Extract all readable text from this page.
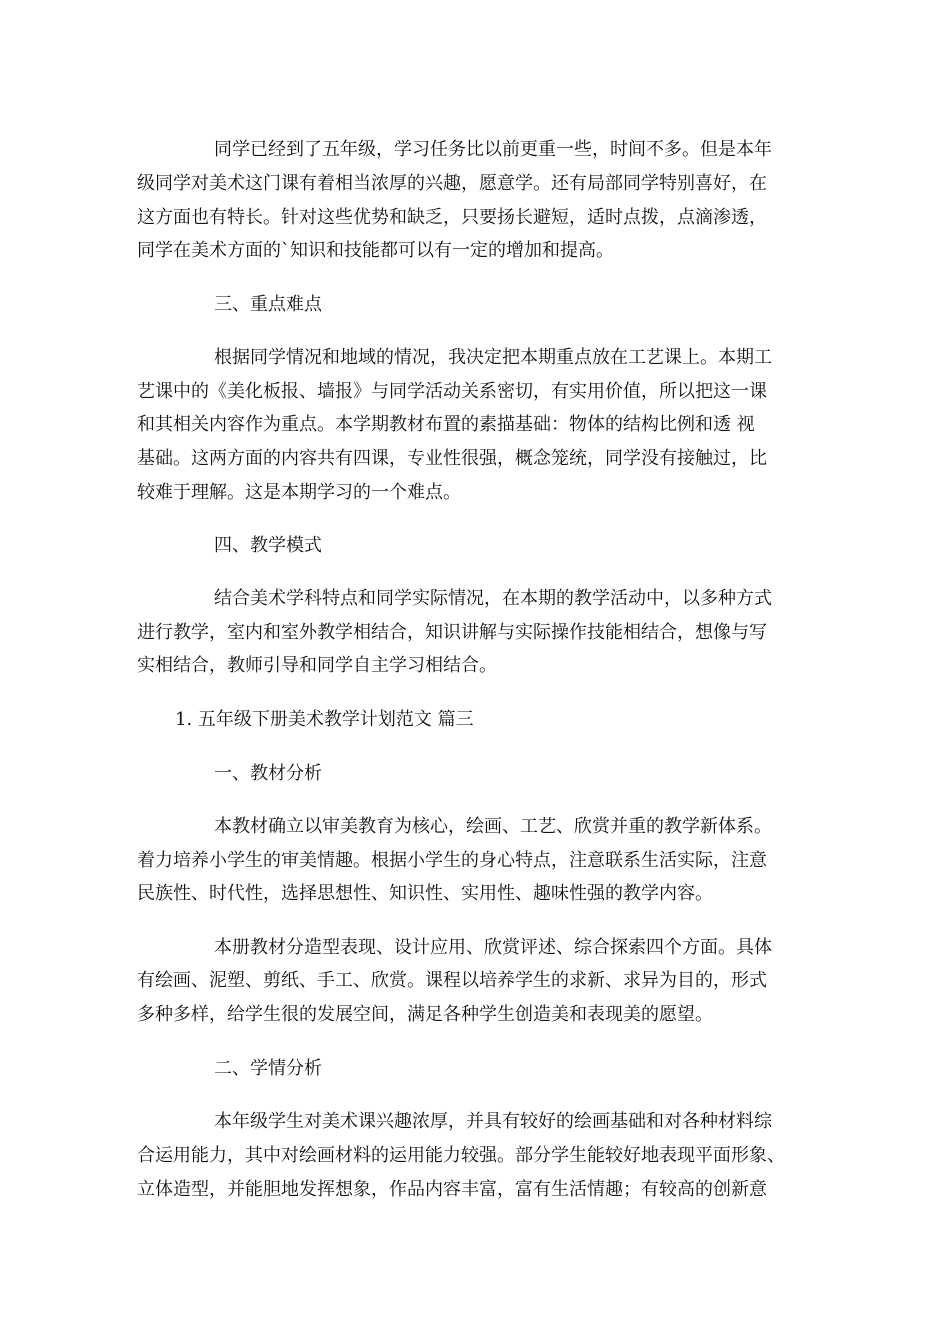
同学已经到了五年级，学习任务比以前更重一些，时间不多。但是本年
级同学对美术这门课有着相当浓厚的兴趣，愿意学。还有局部同学特别喜好，在
这方面也有特长。针对这些优势和缺乏，只要扬长避短，适时点拨，点滴渗透，
同学在美术方面的`知识和技能都可以有一定的增加和提高。
三、重点难点
根据同学情况和地域的情况，我决定把本期重点放在工艺课上。本期工
艺课中的《美化板报、墙报》与同学活动关系密切，有实用价值，所以把这一课
和其相关内容作为重点。本学期教材布置的素描基础：物体的结构比例和透 视
基础。这两方面的内容共有四课，专业性很强，概念笼统，同学没有接触过，比
较难于理解。这是本期学习的一个难点。
四、教学模式
结合美术学科特点和同学实际情况，在本期的教学活动中，以多种方式
进行教学，室内和室外教学相结合，知识讲解与实际操作技能相结合，想像与写
实相结合，教师引导和同学自主学习相结合。
1. 五年级下册美术教学计划范文 篇三
一、教材分析
本教材确立以审美教育为核心，绘画、工艺、欣赏并重的教学新体系。
着力培养小学生的审美情趣。根据小学生的身心特点，注意联系生活实际，注意
民族性、时代性，选择思想性、知识性、实用性、趣味性强的教学内容。
本册教材分造型表现、设计应用、欣赏评述、综合探索四个方面。具体
有绘画、泥塑、剪纸、手工、欣赏。课程以培养学生的求新、求异为目的，形式
多种多样，给学生很的发展空间，满足各种学生创造美和表现美的愿望。
二、学情分析
本年级学生对美术课兴趣浓厚，并具有较好的绘画基础和对各种材料综
合运用能力，其中对绘画材料的运用能力较强。部分学生能较好地表现平面形象、
立体造型，并能胆地发挥想象，作品内容丰富，富有生活情趣；有较高的创新意
